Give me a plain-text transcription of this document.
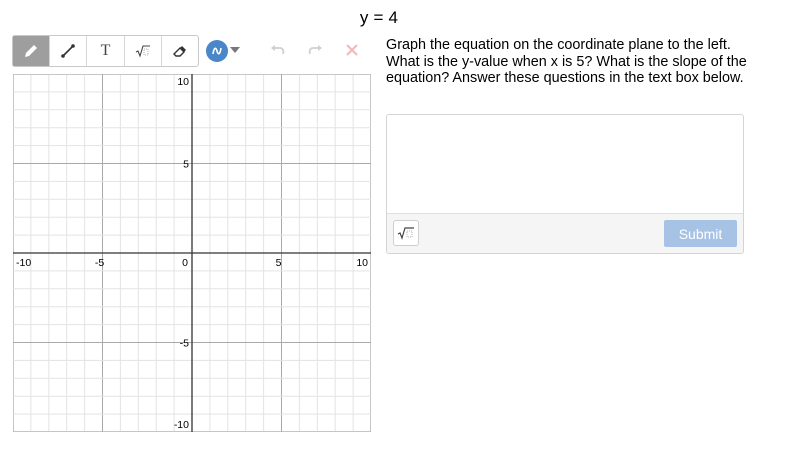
y = 4
T
-10	-5	0	5	10
10
5
-5
-10
Graph the equation on the coordinate plane to the left. What is the y-value when x is 5? What is the slope of the equation? Answer these questions in the text box below.
Submit
